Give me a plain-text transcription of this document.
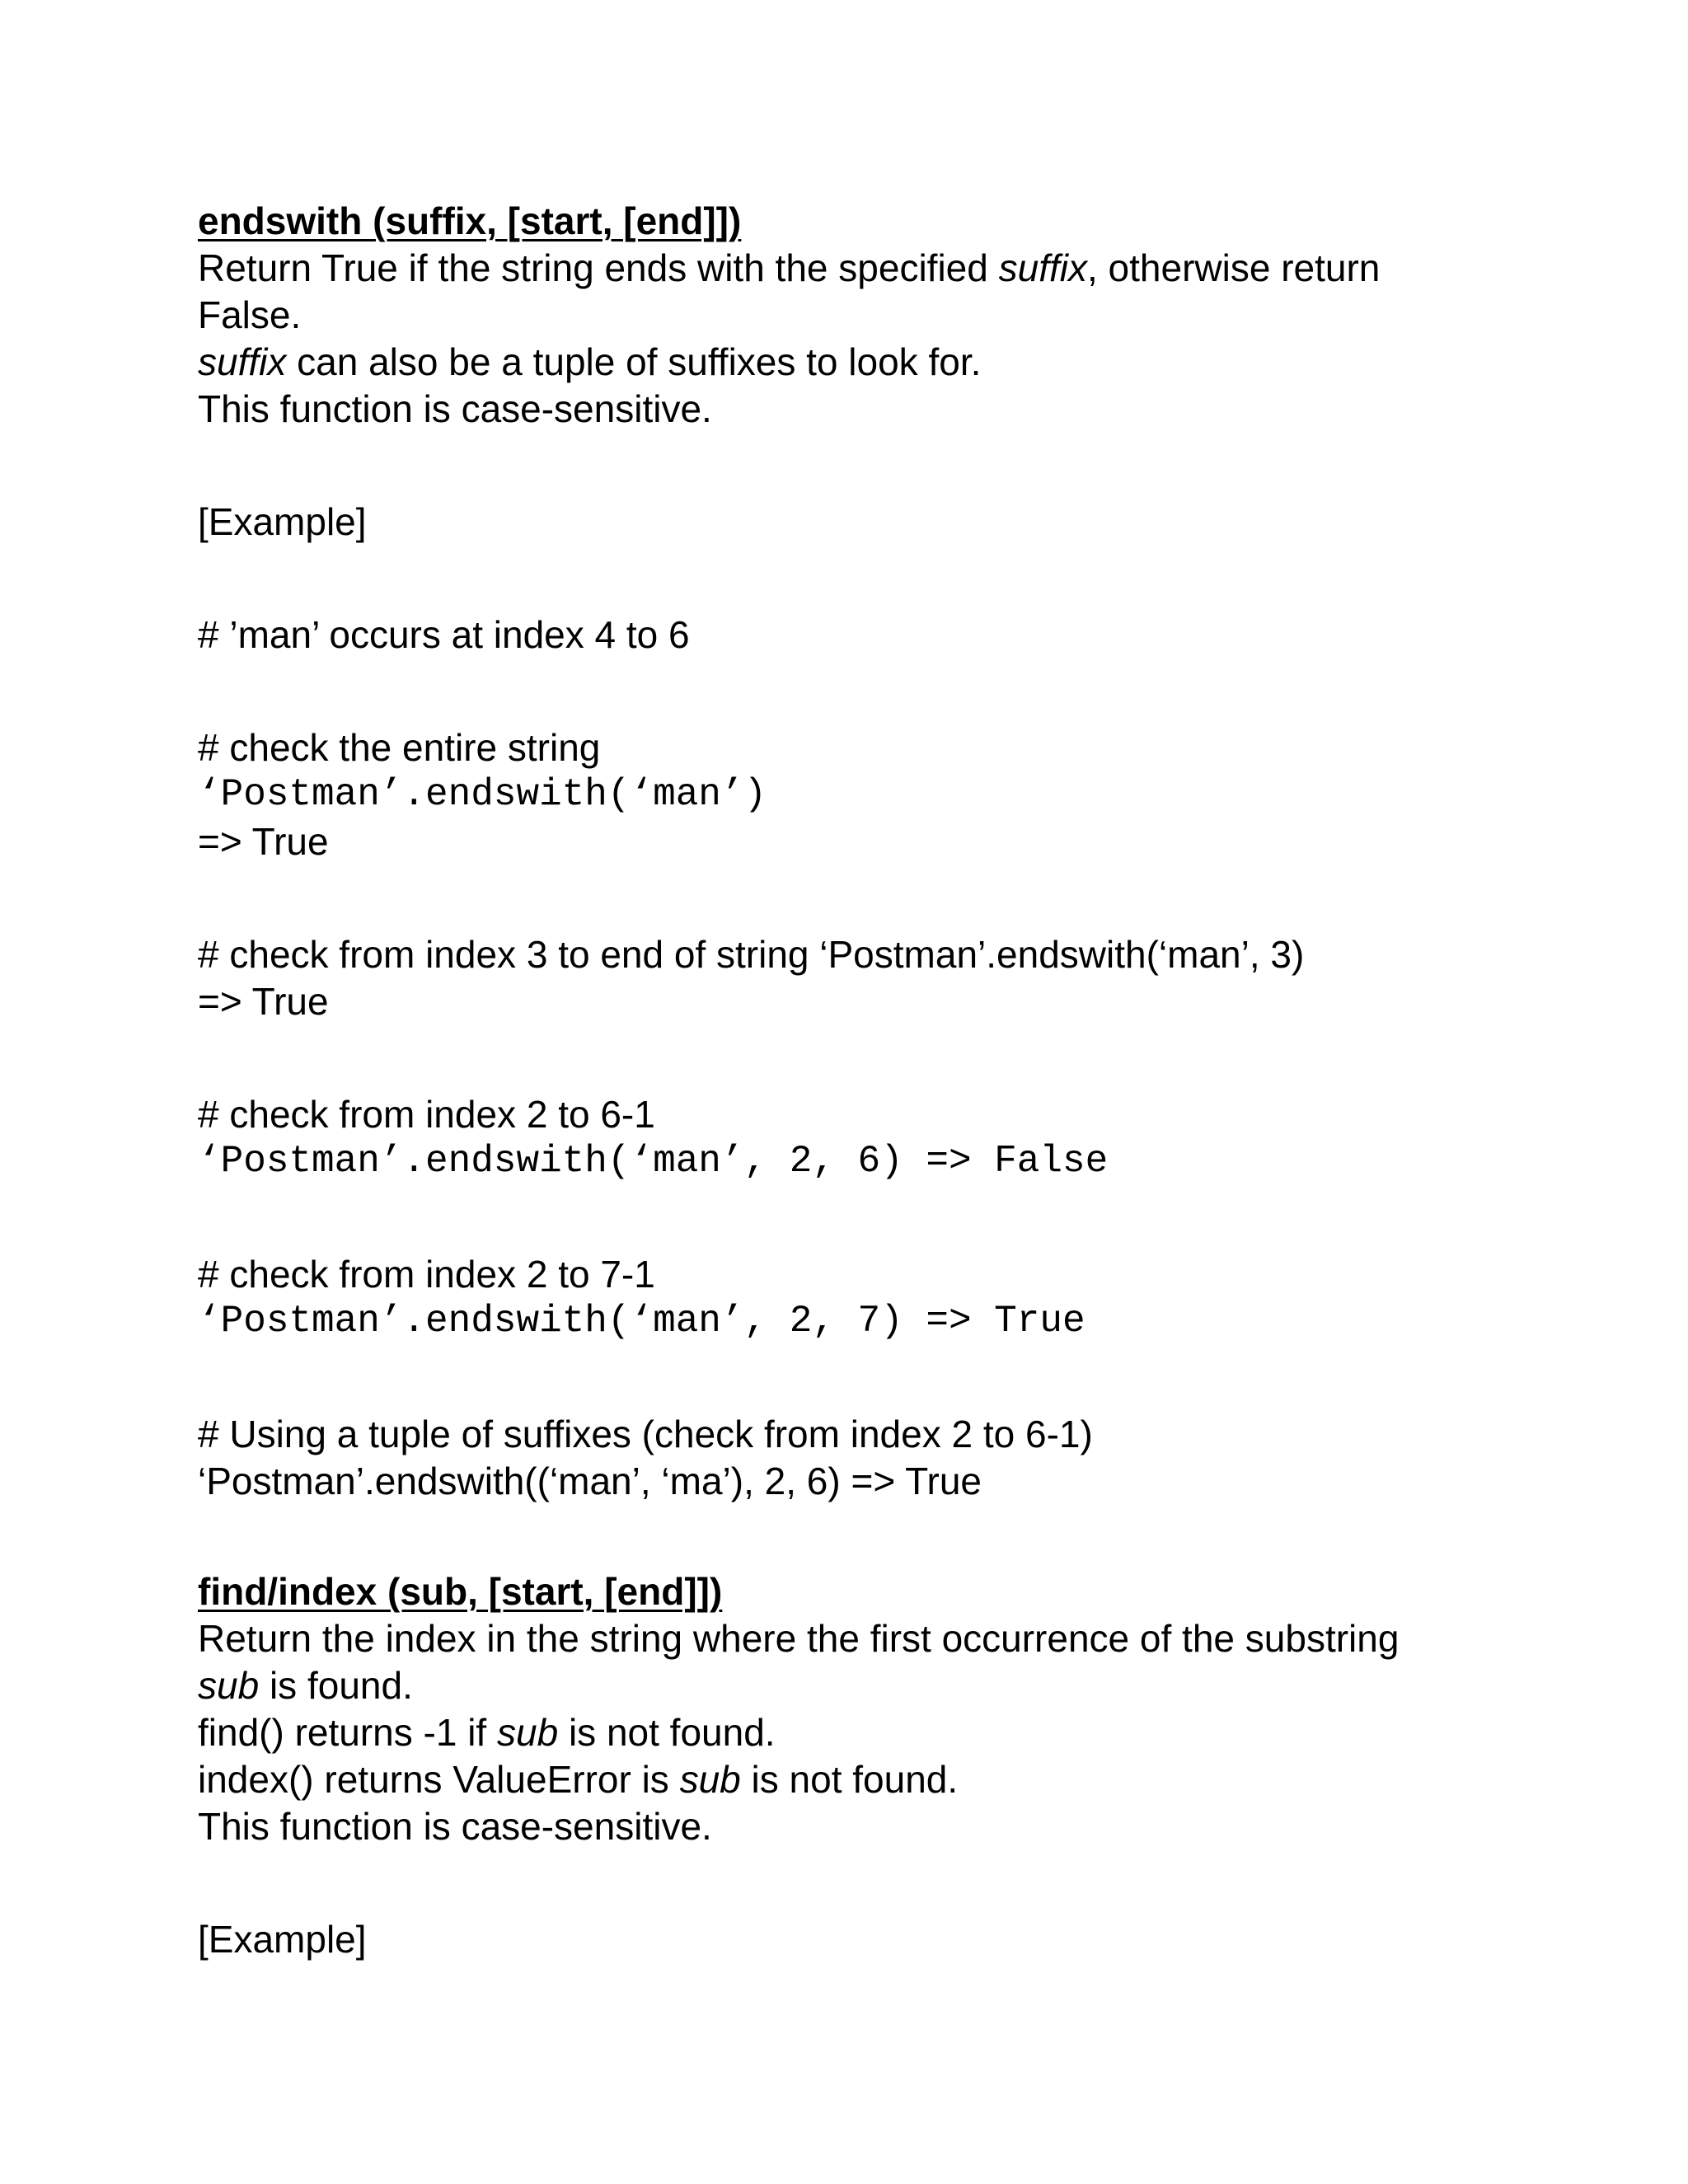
endswith (suffix, [start, [end]])
Return True if the string ends with the specified suffix, otherwise return
False.
suffix can also be a tuple of suffixes to look for.
This function is case-sensitive.
[Example]
# ’man’ occurs at index 4 to 6
# check the entire string
‘Postman’.endswith(‘man’)
=> True
# check from index 3 to end of string ‘Postman’.endswith(‘man’, 3)
=> True
# check from index 2 to 6-1
‘Postman’.endswith(‘man’, 2, 6) => False
# check from index 2 to 7-1
‘Postman’.endswith(‘man’, 2, 7) => True
# Using a tuple of suffixes (check from index 2 to 6-1)
‘Postman’.endswith((‘man’, ‘ma’), 2, 6) => True
find/index (sub, [start, [end]])
Return the index in the string where the first occurrence of the substring
sub is found.
find() returns -1 if sub is not found.
index() returns ValueError is sub is not found.
This function is case-sensitive.
[Example]
